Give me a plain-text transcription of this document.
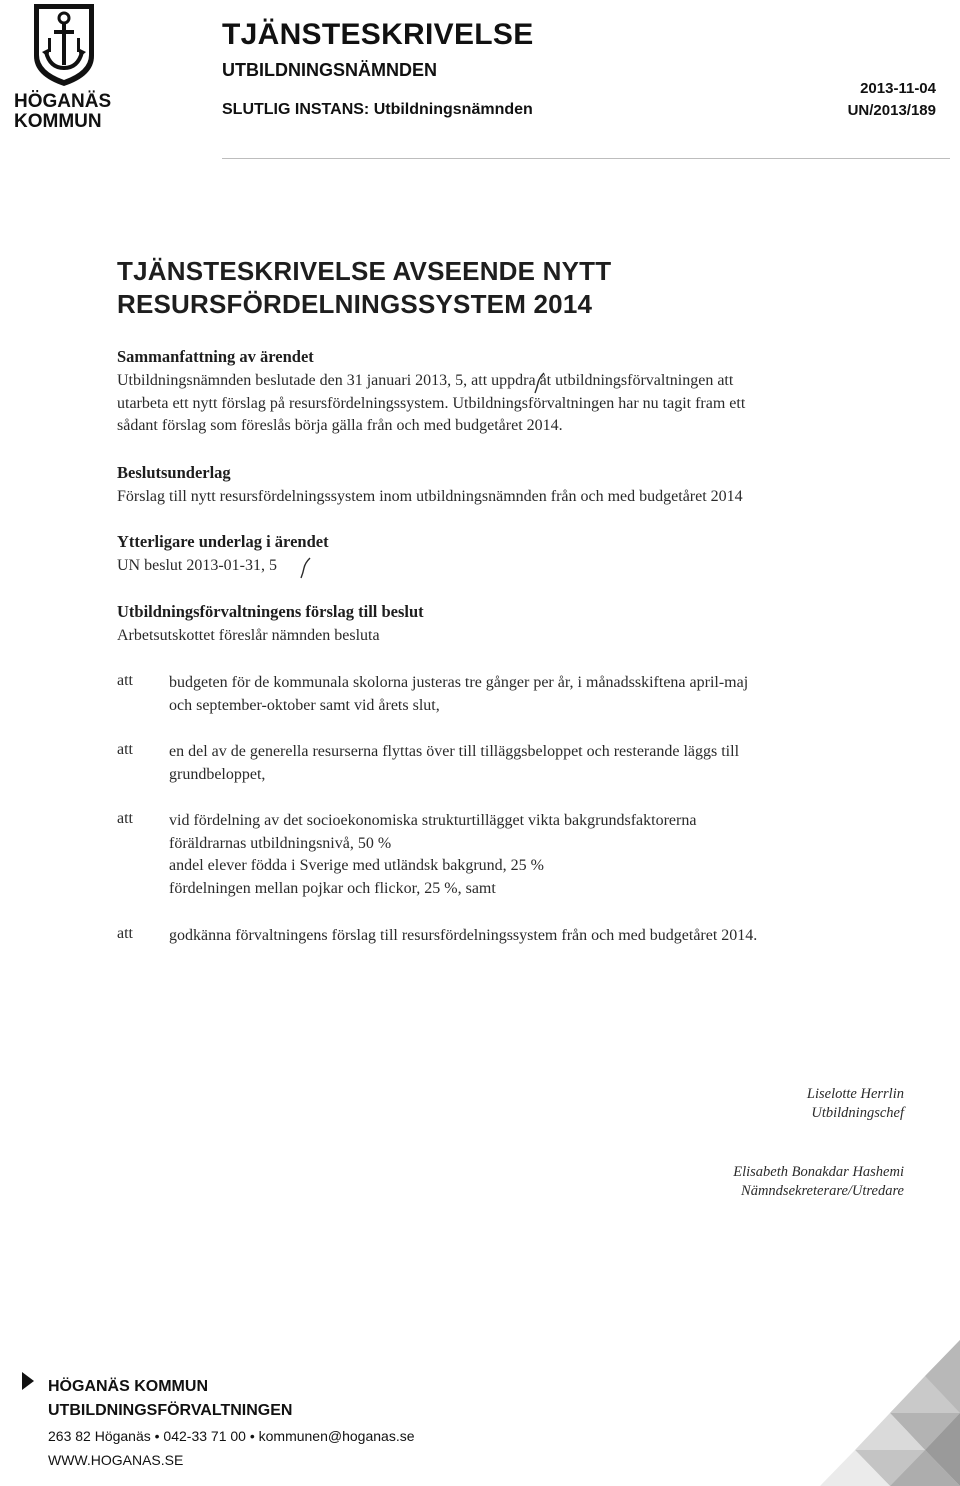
HÖGANÄS
KOMMUN
TJÄNSTESKRIVELSE
UTBILDNINGSNÄMNDEN
SLUTLIG INSTANS: Utbildningsnämnden
2013-11-04
UN/2013/189
TJÄNSTESKRIVELSE AVSEENDE NYTT
RESURSFÖRDELNINGSSYSTEM 2014
Sammanfattning av ärendet
Utbildningsnämnden beslutade den 31 januari 2013, 5, att uppdra åt utbildningsförvaltningen att
utarbeta ett nytt förslag på resursfördelningssystem. Utbildningsförvaltningen har nu tagit fram ett
sådant förslag som föreslås börja gälla från och med budgetåret 2014.
Beslutsunderlag
Förslag till nytt resursfördelningssystem inom utbildningsnämnden från och med budgetåret 2014
Ytterligare underlag i ärendet
UN beslut 2013-01-31, 5
Utbildningsförvaltningens förslag till beslut
Arbetsutskottet föreslår nämnden besluta
att budgeten för de kommunala skolorna justeras tre gånger per år, i månadsskiftena april-maj
och september-oktober samt vid årets slut,
att en del av de generella resurserna flyttas över till tilläggsbeloppet och resterande läggs till
grundbeloppet,
att vid fördelning av det socioekonomiska strukturtillägget vikta bakgrundsfaktorerna
föräldrarnas utbildningsnivå, 50 %
andel elever födda i Sverige med utländsk bakgrund, 25 %
fördelningen mellan pojkar och flickor, 25 %, samt
att godkänna förvaltningens förslag till resursfördelningssystem från och med budgetåret 2014.
Liselotte Herrlin
Utbildningschef
Elisabeth Bonakdar Hashemi
Nämndsekreterare/Utredare
HÖGANÄS KOMMUN
UTBILDNINGSFÖRVALTNINGEN
263 82 Höganäs • 042-33 71 00 • kommunen@hoganas.se
WWW.HOGANAS.SE
